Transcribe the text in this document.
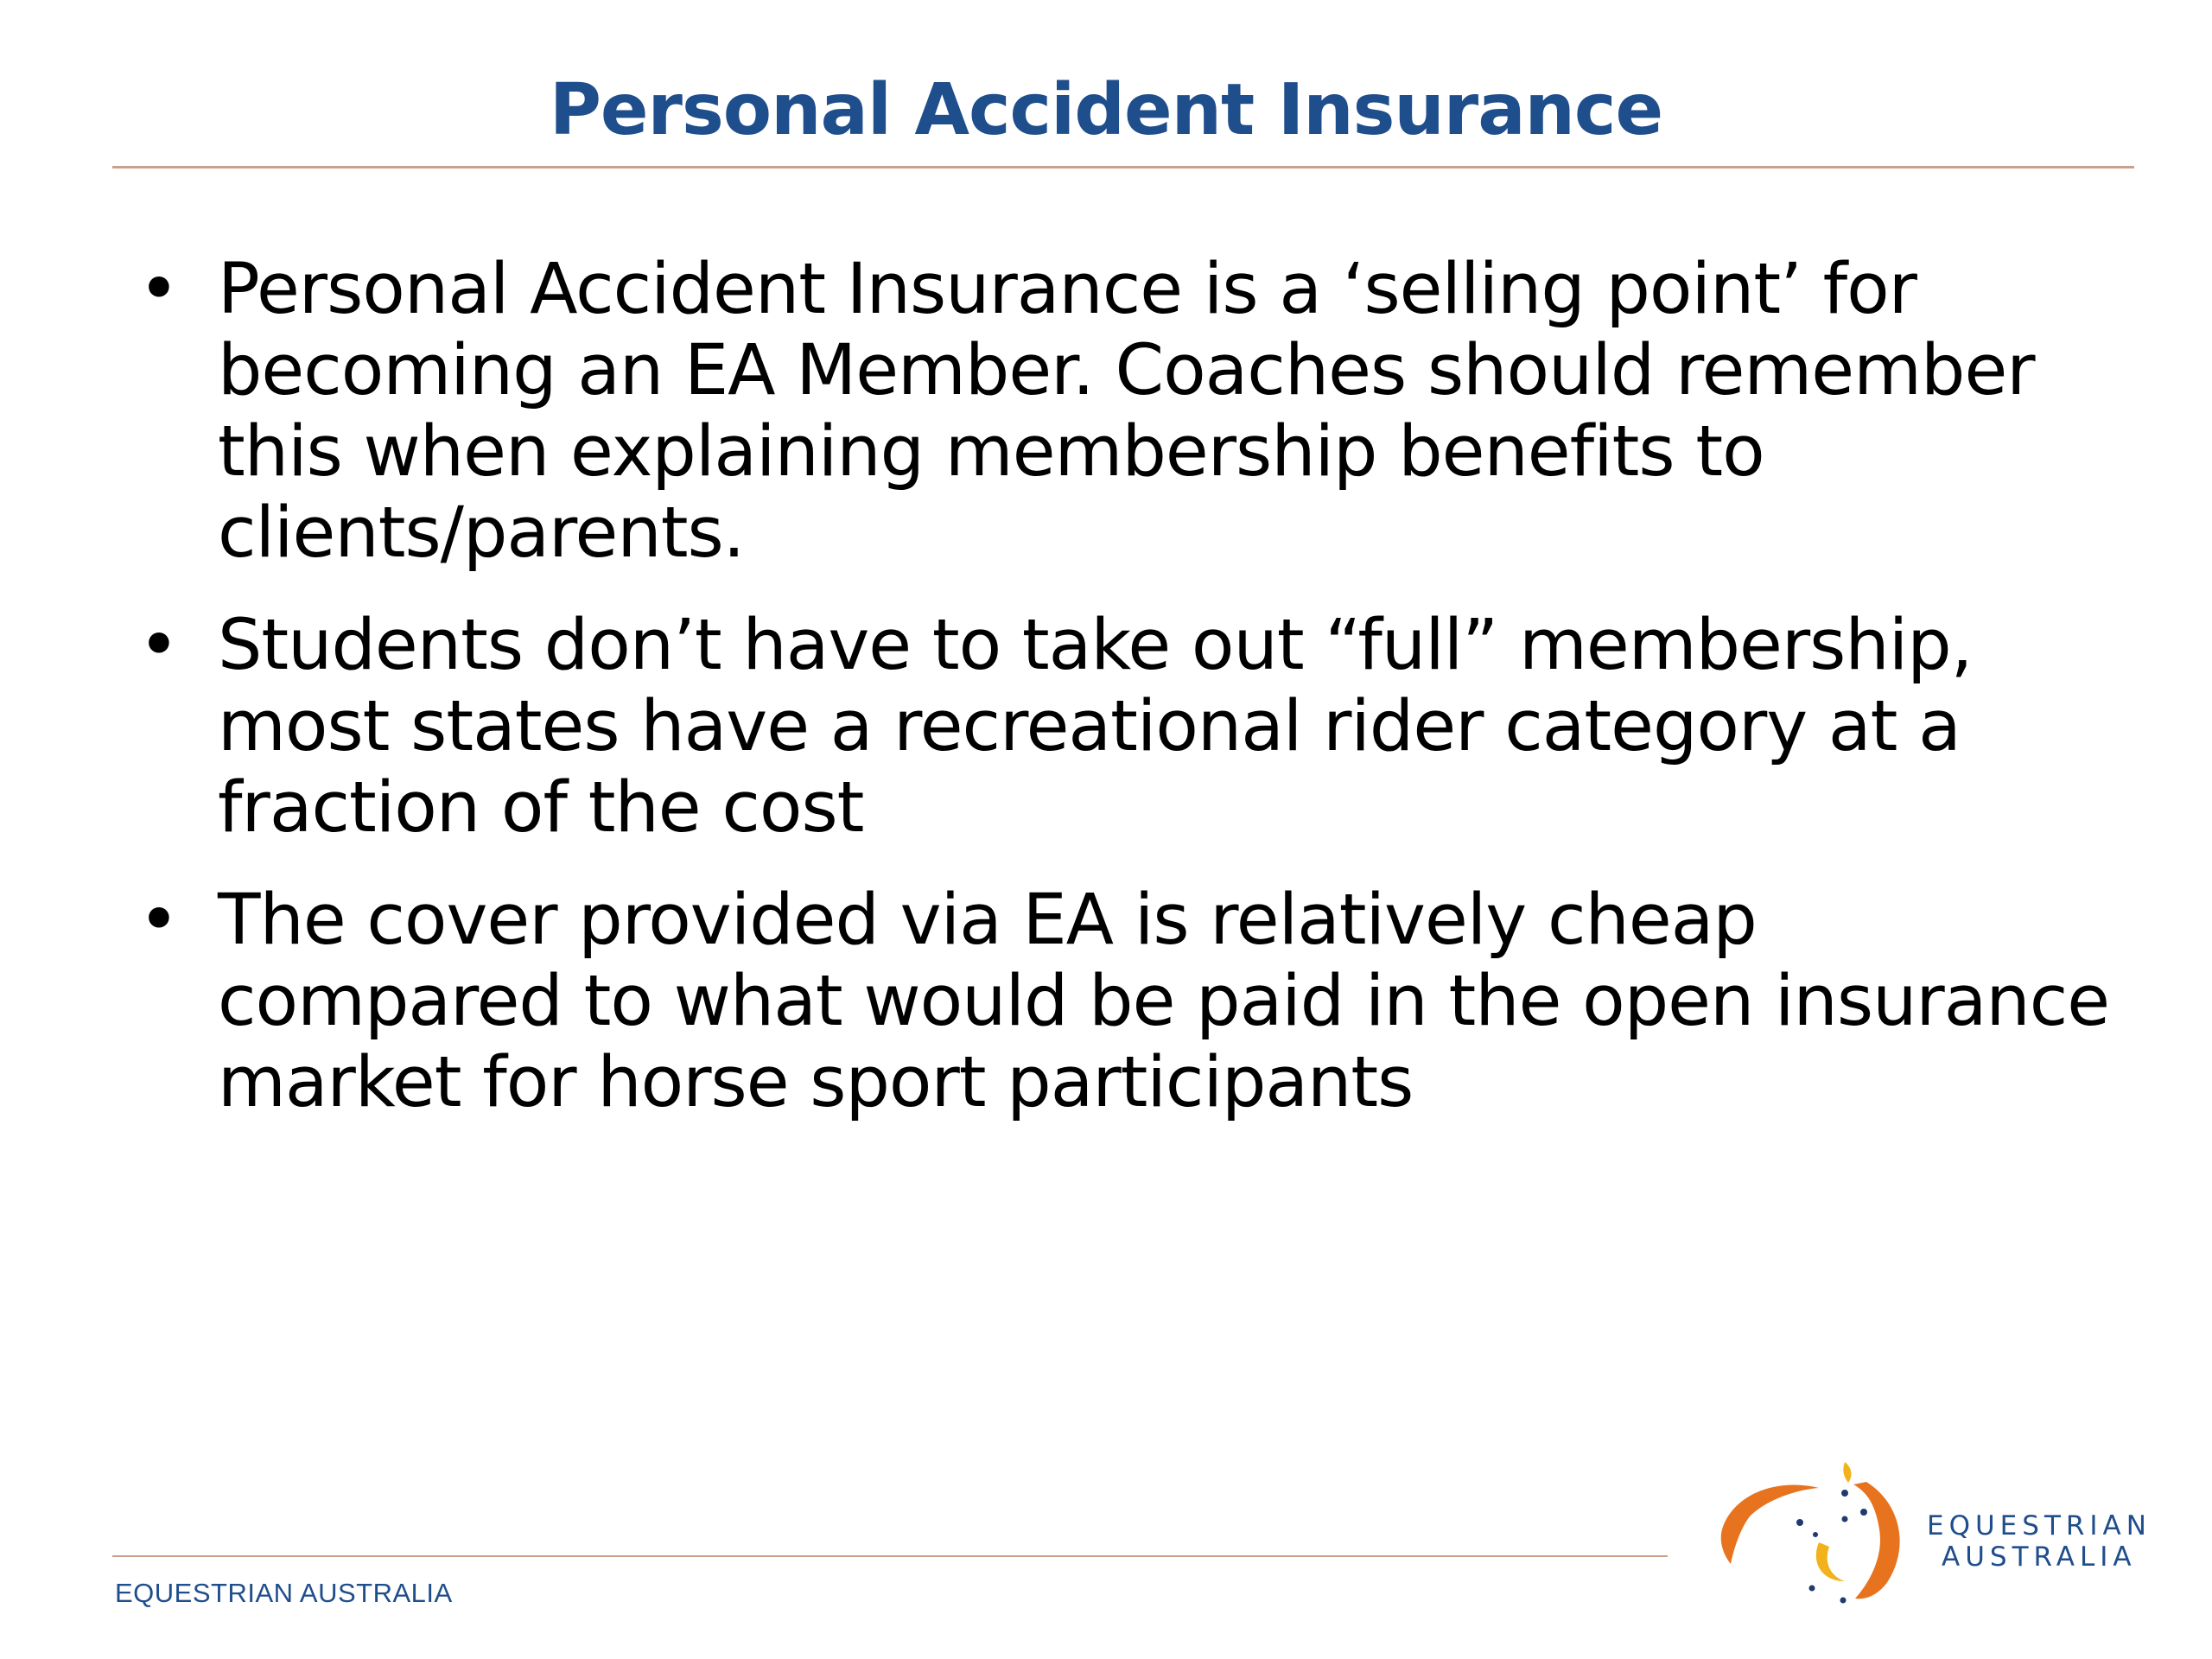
Personal Accident Insurance
• Personal Accident Insurance is a ‘selling point’ for becoming an EA Member. Coaches should remember this when explaining membership benefits to clients/parents.
• Students don’t have to take out “full” membership, most states have a recreational rider category at a fraction of the cost
• The cover provided via EA is relatively cheap compared to what would be paid in the open insurance market for horse sport participants
EQUESTRIAN AUSTRALIA
EQUESTRIAN
AUSTRALIA
